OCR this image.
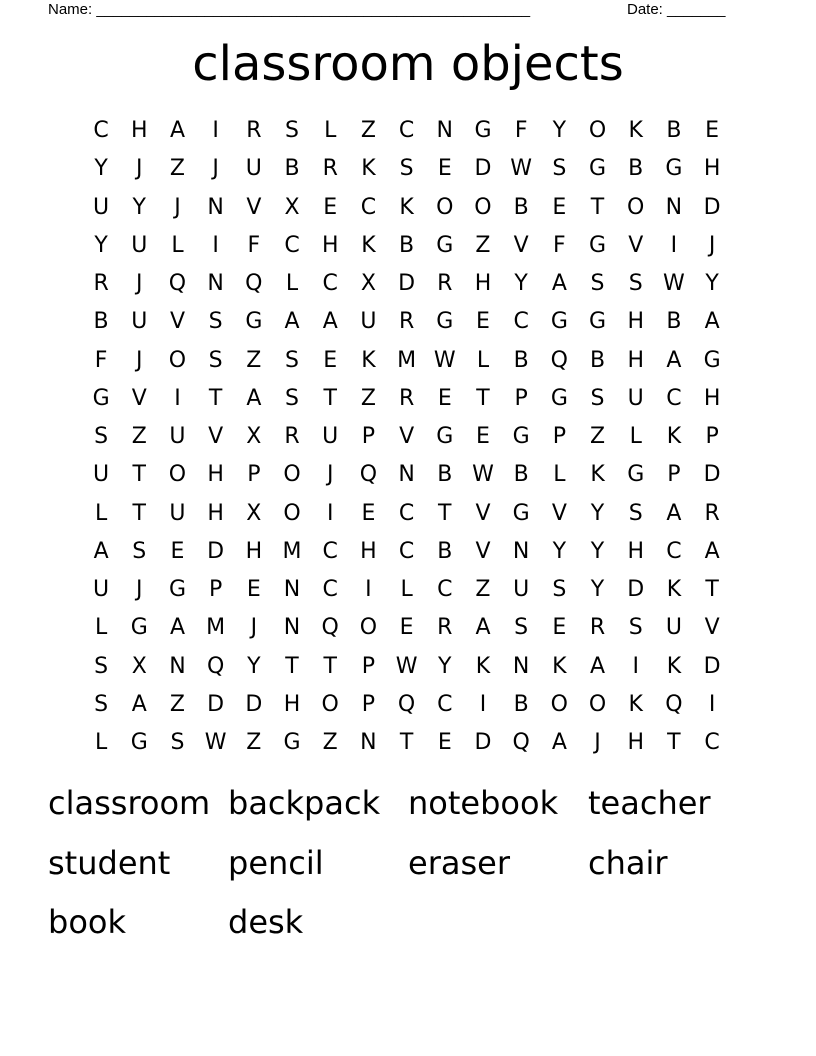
Name: ____________________________________________________	Date: _______
classroom objects
C	H	A	I	R	S	L	Z	C	N G	F	Y	O	K	B	E
Y	J	Z	J	U	B	R	K	S	E	D W S	G	B	G H
U	Y	J	N	V	X	E	C	K	O O B	E	T	O N D
Y	U	L	I	F	C	H	K	B	G	Z	V	F	G	V	I	J
R	J	Q N Q	L	C	X	D	R	H	Y	A	S	S W Y
B	U	V	S	G	A	A	U	R	G	E	C G G H	B	A
F	J	O	S	Z	S	E	K M W L	B Q B	H	A	G
G	V	I	T	A	S	T	Z	R	E	T	P	G	S	U	C	H
S	Z	U	V	X	R	U	P	V	G	E	G	P	Z	L	K	P
U	T	O H	P	O	J	Q N	B W B	L	K	G	P	D
L	T	U H	X O	I	E	C	T	V	G	V	Y	S	A	R
A	S	E	D H M C	H	C	B	V	N	Y	Y	H	C	A
U	J	G	P	E	N	C	I	L	C	Z	U	S	Y	D	K	T
L	G	A M	J	N Q O	E	R	A	S	E	R	S	U	V
S	X	N Q	Y	T	T	P W Y	K	N	K	A	I	K	D
S	A	Z	D D H O	P	Q C	I	B O O	K	Q	I
L	G	S W Z	G	Z	N	T	E	D Q	A	J	H	T	C
classroom backpack notebook teacher
student	pencil	eraser	chair
book	desk
